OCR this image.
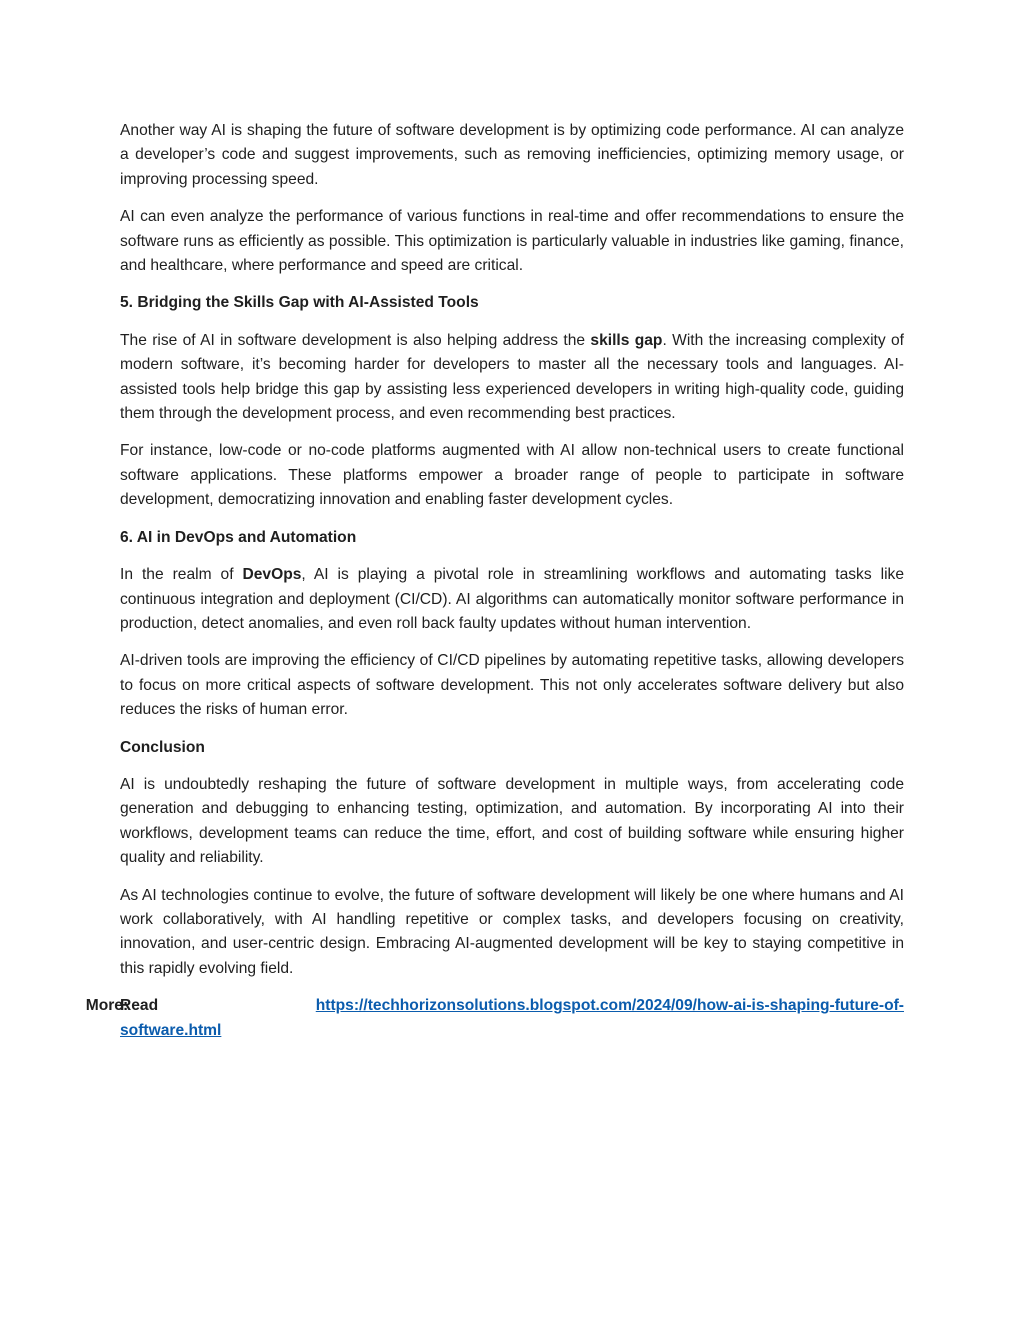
Another way AI is shaping the future of software development is by optimizing code performance. AI can analyze a developer’s code and suggest improvements, such as removing inefficiencies, optimizing memory usage, or improving processing speed.

AI can even analyze the performance of various functions in real-time and offer recommendations to ensure the software runs as efficiently as possible. This optimization is particularly valuable in industries like gaming, finance, and healthcare, where performance and speed are critical.

5. Bridging the Skills Gap with AI-Assisted Tools

The rise of AI in software development is also helping address the skills gap. With the increasing complexity of modern software, it’s becoming harder for developers to master all the necessary tools and languages. AI-assisted tools help bridge this gap by assisting less experienced developers in writing high-quality code, guiding them through the development process, and even recommending best practices.

For instance, low-code or no-code platforms augmented with AI allow non-technical users to create functional software applications. These platforms empower a broader range of people to participate in software development, democratizing innovation and enabling faster development cycles.

6. AI in DevOps and Automation

In the realm of DevOps, AI is playing a pivotal role in streamlining workflows and automating tasks like continuous integration and deployment (CI/CD). AI algorithms can automatically monitor software performance in production, detect anomalies, and even roll back faulty updates without human intervention.

AI-driven tools are improving the efficiency of CI/CD pipelines by automating repetitive tasks, allowing developers to focus on more critical aspects of software development. This not only accelerates software delivery but also reduces the risks of human error.

Conclusion

AI is undoubtedly reshaping the future of software development in multiple ways, from accelerating code generation and debugging to enhancing testing, optimization, and automation. By incorporating AI into their workflows, development teams can reduce the time, effort, and cost of building software while ensuring higher quality and reliability.

As AI technologies continue to evolve, the future of software development will likely be one where humans and AI work collaboratively, with AI handling repetitive or complex tasks, and developers focusing on creativity, innovation, and user-centric design. Embracing AI-augmented development will be key to staying competitive in this rapidly evolving field.

Read
More:	https://techhorizonsolutions.blogspot.com/2024/09/how-ai-is-shaping-future-of-
software.html
